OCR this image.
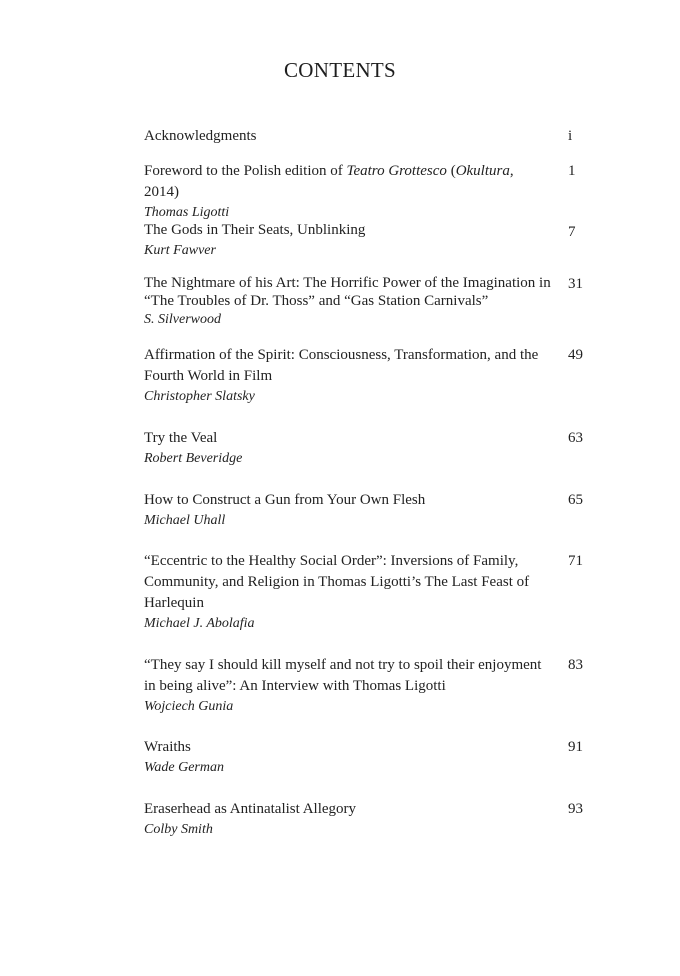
CONTENTS
Acknowledgments	i
Foreword to the Polish edition of Teatro Grottesco (Okultura, 2014)
Thomas Ligotti
1
The Gods in Their Seats, Unblinking
Kurt Fawver
7
The Nightmare of his Art: The Horrific Power of the Imagination in “The Troubles of Dr. Thoss” and “Gas Station Carnivals”
S. Silverwood
31
Affirmation of the Spirit: Consciousness, Transformation, and the Fourth World in Film
Christopher Slatsky
49
Try the Veal
Robert Beveridge
63
How to Construct a Gun from Your Own Flesh
Michael Uhall
65
“Eccentric to the Healthy Social Order”: Inversions of Family, Community, and Religion in Thomas Ligotti’s The Last Feast of Harlequin
Michael J. Abolafia
71
“They say I should kill myself and not try to spoil their enjoyment in being alive”: An Interview with Thomas Ligotti
Wojciech Gunia
83
Wraiths
Wade German
91
Eraserhead as Antinatalist Allegory
Colby Smith
93
